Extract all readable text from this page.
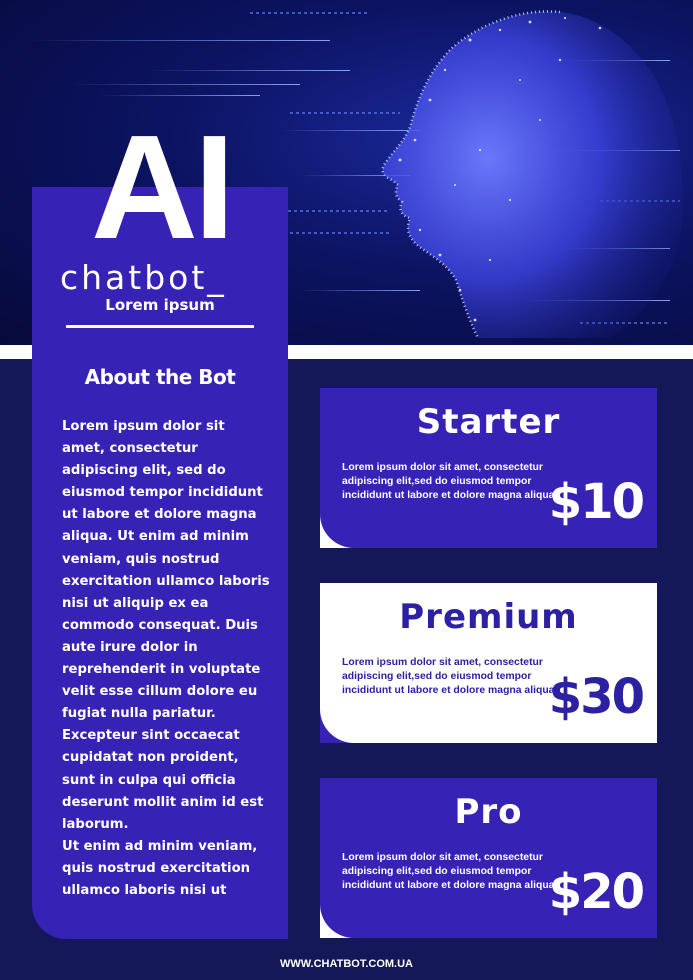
AI
chatbot_
Lorem ipsum
About the Bot

Lorem ipsum dolor sit amet, consectetur adipiscing elit, sed do eiusmod tempor incididunt ut labore et dolore magna aliqua. Ut enim ad minim veniam, quis nostrud exercitation ullamco laboris nisi ut aliquip ex ea commodo consequat. Duis aute irure dolor in reprehenderit in voluptate velit esse cillum dolore eu fugiat nulla pariatur. Excepteur sint occaecat cupidatat non proident, sunt in culpa qui officia deserunt mollit anim id est laborum.
Ut enim ad minim veniam, quis nostrud exercitation ullamco laboris nisi ut

Starter

Lorem ipsum dolor sit amet, consectetur adipiscing elit,sed do eiusmod tempor incididunt ut labore et dolore magna aliqua

$10
Premium

Lorem ipsum dolor sit amet, consectetur adipiscing elit,sed do eiusmod tempor incididunt ut labore et dolore magna aliqua

$30
Pro

Lorem ipsum dolor sit amet, consectetur adipiscing elit,sed do eiusmod tempor incididunt ut labore et dolore magna aliqua

$20
WWW.CHATBOT.COM.UA
